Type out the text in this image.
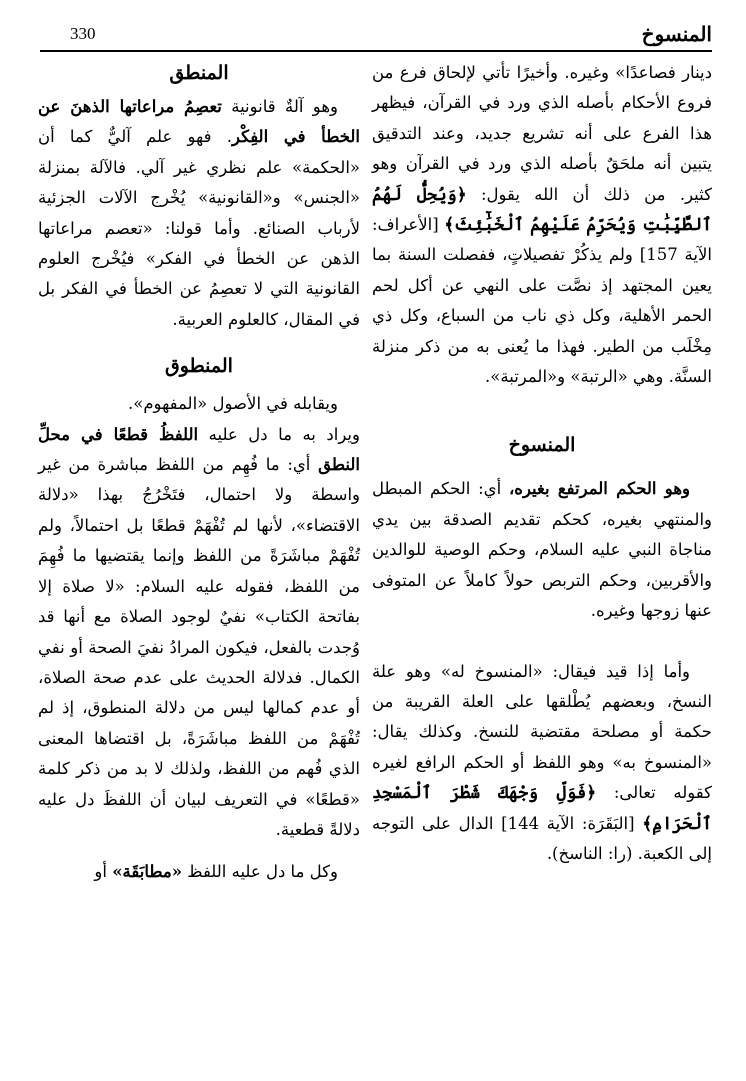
المنسوخ
330

دينار فصاعدًا» وغيره. وأخيرًا تأتي لإلحاق فرع من فروع الأحكام بأصله الذي ورد في القرآن، فيظهر هذا الفرع على أنه تشريع جديد، وعند التدقيق يتبين أنه ملحَقٌ بأصله الذي ورد في القرآن وهو كثير. من ذلك أن الله يقول: ﴿وَيُحِلُّ لَهُمُ ٱلطَّيِّبَٰتِ وَيُحَرِّمُ عَلَيْهِمُ ٱلْخَبَٰٓئِثَ﴾ [الأعراف: الآية 157] ولم يذكُرْ تفصيلاتٍ، ففصلت السنة بما يعين المجتهد إذ نصَّت على النهي عن أكل لحم الحمر الأهلية، وكل ذي ناب من السباع، وكل ذي مِخْلَب من الطير. فهذا ما يُعنى به من ذكر منزلة السنَّة. وهي «الرتبة» و«المرتبة».

المنسوخ

وهو الحكم المرتفع بغيره، أي: الحكم المبطل والمنتهي بغيره، كحكم تقديم الصدقة بين يدي مناجاة النبي عليه السلام، وحكم الوصية للوالدين والأقربين، وحكم التربص حولاً كاملاً عن المتوفى عنها زوجها وغيره.

وأما إذا قيد فيقال: «المنسوخ له» وهو علة النسخ، وبعضهم يُطْلقها على العلة القريبة من حكمة أو مصلحة مقتضية للنسخ. وكذلك يقال: «المنسوخ به» وهو اللفظ أو الحكم الرافع لغيره كقوله تعالى: ﴿فَوَلِّ وَجْهَكَ شَطْرَ ٱلْمَسْجِدِ ٱلْحَرَامِ﴾ [البَقَرَة: الآية 144] الدال على التوجه إلى الكعبة. (را: الناسخ).

المنطق

وهو آلةٌ قانونية تعصِمُ مراعاتها الذهنَ عن الخطأ في الفِكْر. فهو علم آليٌّ كما أن «الحكمة» علم نظري غير آلي. فالآلة بمنزلة «الجنس» و«القانونية» يُخْرج الآلات الجزئية لأرباب الصنائع. وأما قولنا: «تعصم مراعاتها الذهن عن الخطأ في الفكر» فيُخْرج العلوم القانونية التي لا تعصِمُ عن الخطأ في الفكر بل في المقال، كالعلوم العربية.

المنطوق

ويقابله في الأصول «المفهوم».

ويراد به ما دل عليه اللفظُ قطعًا في محلِّ النطق أي: ما فُهِم من اللفظ مباشرة من غير واسطة ولا احتمال، فتَخْرُجُ بهذا «دلالة الاقتضاء»، لأنها لم تُفْهَمْ قطعًا بل احتمالاً، ولم تُفْهَمْ مباشَرَةً من اللفظ وإنما يقتضيها ما فُهِمَ من اللفظ، فقوله عليه السلام: «لا صلاة إلا بفاتحة الكتاب» نفيٌ لوجود الصلاة مع أنها قد وُجدت بالفعل، فيكون المرادُ نفيَ الصحة أو نفي الكمال. فدلالة الحديث على عدم صحة الصلاة، أو عدم كمالها ليس من دلالة المنطوق، إذ لم تُفْهَمْ من اللفظ مباشَرَةً، بل اقتضاها المعنى الذي فُهم من اللفظ، ولذلك لا بد من ذكر كلمة «قطعًا» في التعريف لبيان أن اللفظَ دل عليه دلالةً قطعية.

وكل ما دل عليه اللفظ «مطابَقَة» أو
